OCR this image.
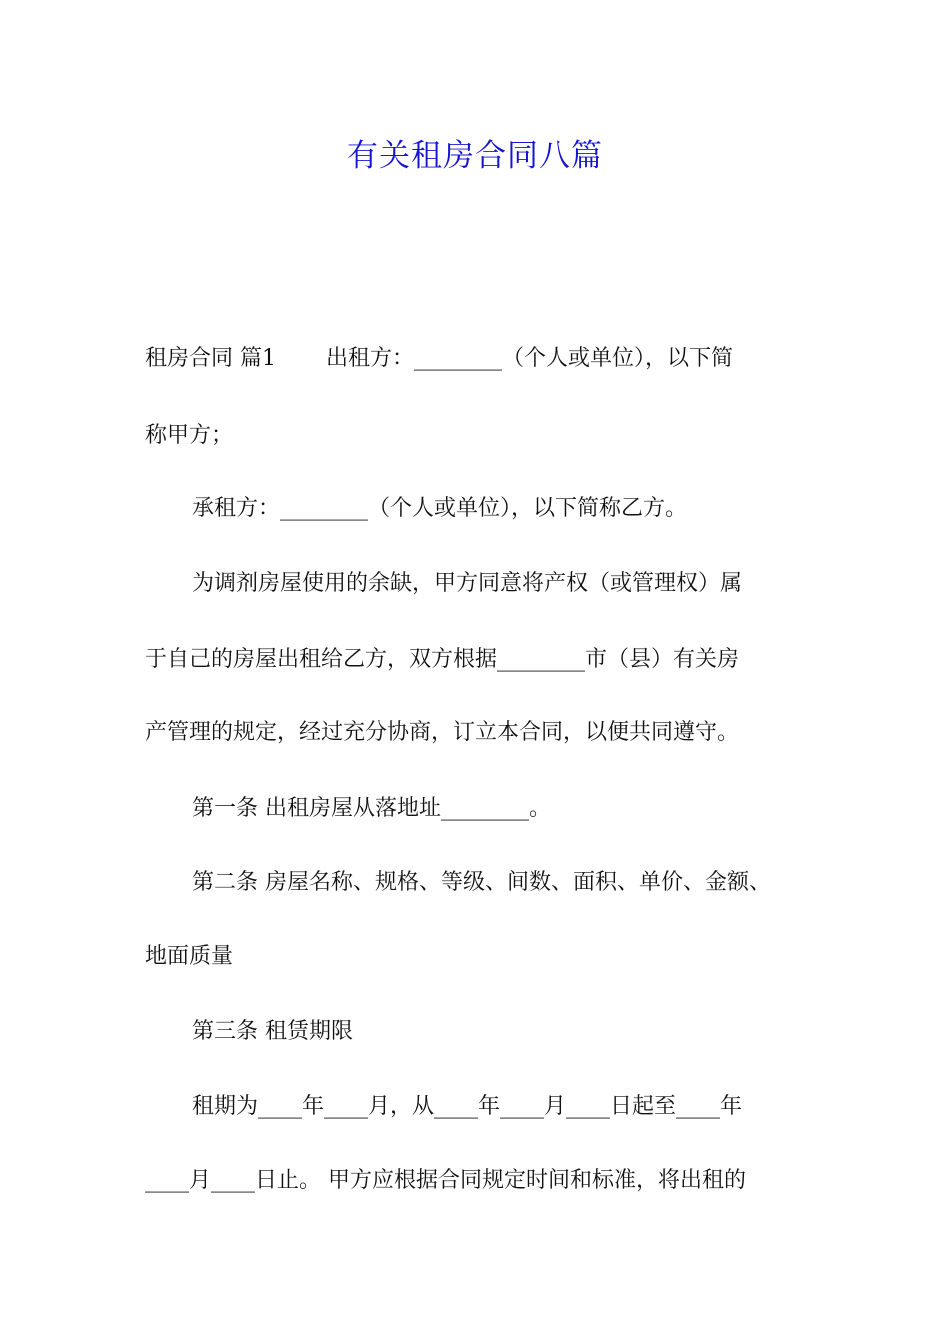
有关租房合同八篇

租房合同 篇1 出租方：________（个人或单位），以下简

称甲方；

承租方：________（个人或单位），以下简称乙方。

为调剂房屋使用的余缺，甲方同意将产权（或管理权）属

于自己的房屋出租给乙方，双方根据________市（县）有关房

产管理的规定，经过充分协商，订立本合同，以便共同遵守。

第一条 出租房屋从落地址________。

第二条 房屋名称、规格、等级、间数、面积、单价、金额、

地面质量

第三条 租赁期限

租期为____年____月，从____年____月____日起至____年

____月____日止。 甲方应根据合同规定时间和标准，将出租的
